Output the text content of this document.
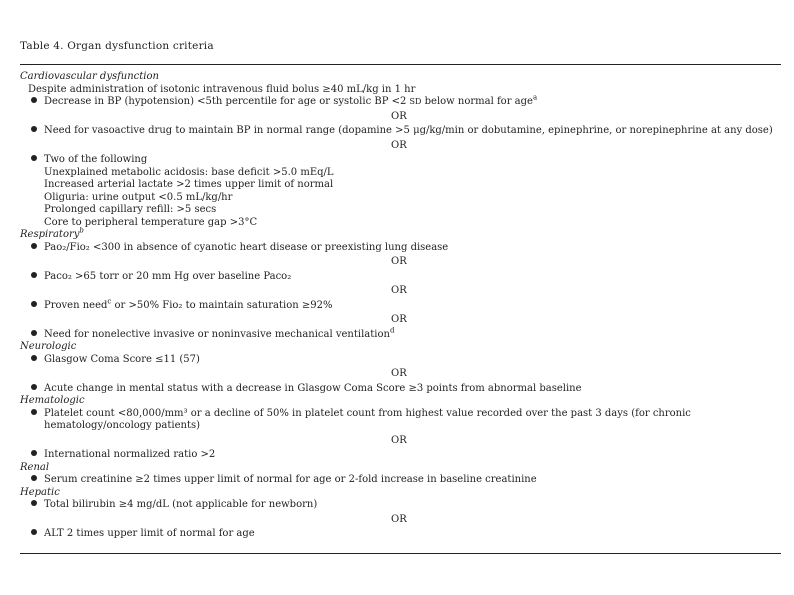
Table 4. Organ dysfunction criteria
Cardiovascular dysfunction
Despite administration of isotonic intravenous fluid bolus ≥40 mL/kg in 1 hr
Decrease in BP (hypotension) <5th percentile for age or systolic BP <2 SD below normal for age$^a$
OR
Need for vasoactive drug to maintain BP in normal range (dopamine >5 μg/kg/min or dobutamine, epinephrine, or norepinephrine at any dose)
OR
Two of the following
Unexplained metabolic acidosis: base deficit >5.0 mEq/L
Increased arterial lactate >2 times upper limit of normal
Oliguria: urine output <0.5 mL/kg/hr
Prolonged capillary refill: >5 secs
Core to peripheral temperature gap >3°C
Respiratory$^b$
Pao₂/Fio₂ <300 in absence of cyanotic heart disease or preexisting lung disease
OR
Paco₂ >65 torr or 20 mm Hg over baseline Paco₂
OR
Proven need$^c$ or >50% Fio₂ to maintain saturation ≥92%
OR
Need for nonelective invasive or noninvasive mechanical ventilation$^d$
Neurologic
Glasgow Coma Score ≤11 (57)
OR
Acute change in mental status with a decrease in Glasgow Coma Score ≥3 points from abnormal baseline
Hematologic
Platelet count <80,000/mm³ or a decline of 50% in platelet count from highest value recorded over the past 3 days (for chronic
hematology/oncology patients)
OR
International normalized ratio >2
Renal
Serum creatinine ≥2 times upper limit of normal for age or 2-fold increase in baseline creatinine
Hepatic
Total bilirubin ≥4 mg/dL (not applicable for newborn)
OR
ALT 2 times upper limit of normal for age
